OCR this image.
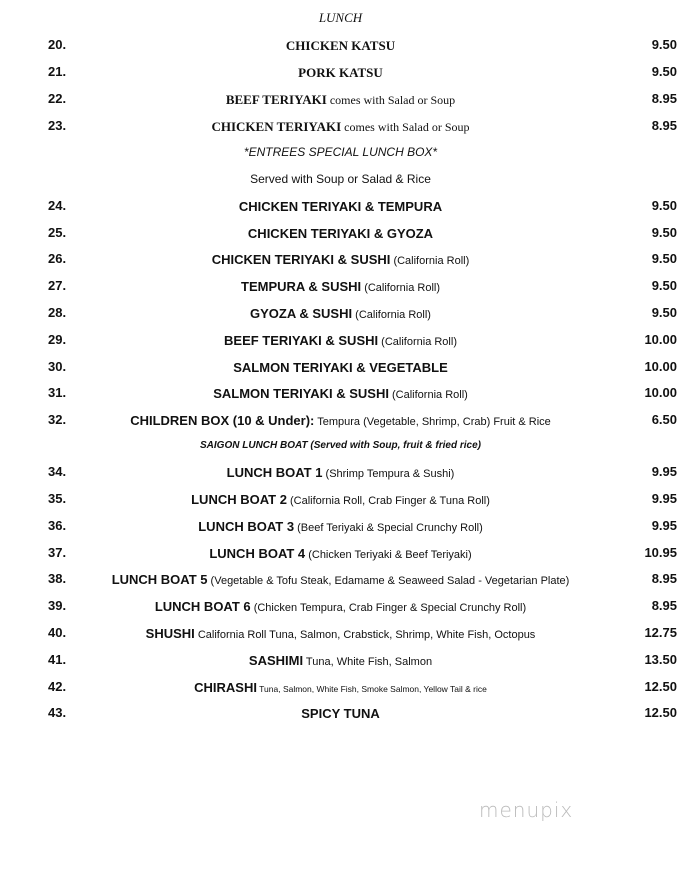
LUNCH
20.	CHICKEN KATSU	9.50
21.	PORK KATSU	9.50
22.	BEEF TERIYAKI comes with Salad or Soup	8.95
23.	CHICKEN TERIYAKI comes with Salad or Soup	8.95
*ENTREES SPECIAL LUNCH BOX*
Served with Soup or Salad & Rice
24.	CHICKEN TERIYAKI & TEMPURA	9.50
25.	CHICKEN TERIYAKI & GYOZA	9.50
26.	CHICKEN TERIYAKI & SUSHI (California Roll)	9.50
27.	TEMPURA & SUSHI (California Roll)	9.50
28.	GYOZA & SUSHI (California Roll)	9.50
29.	BEEF TERIYAKI & SUSHI (California Roll)	10.00
30.	SALMON TERIYAKI & VEGETABLE	10.00
31.	SALMON TERIYAKI & SUSHI (California Roll)	10.00
32.	CHILDREN BOX (10 & Under): Tempura (Vegetable, Shrimp, Crab) Fruit & Rice	6.50
SAIGON LUNCH BOAT (Served with Soup, fruit & fried rice)
34.	LUNCH BOAT 1 (Shrimp Tempura & Sushi)	9.95
35.	LUNCH BOAT 2 (California Roll, Crab Finger & Tuna Roll)	9.95
36.	LUNCH BOAT 3 (Beef Teriyaki & Special Crunchy Roll)	9.95
37.	LUNCH BOAT 4 (Chicken Teriyaki & Beef Teriyaki)	10.95
38.	LUNCH BOAT 5 (Vegetable & Tofu Steak, Edamame & Seaweed Salad - Vegetarian Plate)	8.95
39.	LUNCH BOAT 6 (Chicken Tempura, Crab Finger & Special Crunchy Roll)	8.95
40.	SHUSHI California Roll Tuna, Salmon, Crabstick, Shrimp, White Fish, Octopus	12.75
41.	SASHIMI Tuna, White Fish, Salmon	13.50
42.	CHIRASHI Tuna, Salmon, White Fish, Smoke Salmon, Yellow Tail & rice	12.50
43.	SPICY TUNA	12.50
menupix
